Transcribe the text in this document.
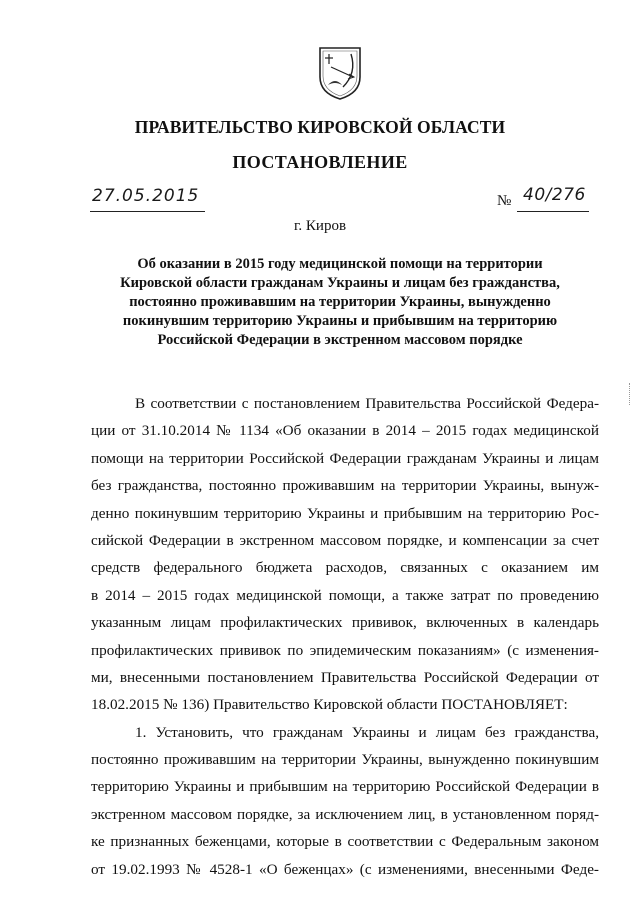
ПРАВИТЕЛЬСТВО КИРОВСКОЙ ОБЛАСТИ
ПОСТАНОВЛЕНИЕ
27.05.2015	№ 40/276
г. Киров
Об оказании в 2015 году медицинской помощи на территории
Кировской области гражданам Украины и лицам без гражданства,
постоянно проживавшим на территории Украины, вынужденно
покинувшим территорию Украины и прибывшим на территорию
Российской Федерации в экстренном массовом порядке
В соответствии с постановлением Правительства Российской Федера-
ции от 31.10.2014 № 1134 «Об оказании в 2014 – 2015 годах медицинской
помощи на территории Российской Федерации гражданам Украины и лицам
без гражданства, постоянно проживавшим на территории Украины, вынуж-
денно покинувшим территорию Украины и прибывшим на территорию Рос-
сийской Федерации в экстренном массовом порядке, и компенсации за счет
средств федерального бюджета расходов, связанных с оказанием им
в 2014 – 2015 годах медицинской помощи, а также затрат по проведению
указанным лицам профилактических прививок, включенных в календарь
профилактических прививок по эпидемическим показаниям» (с изменения-
ми, внесенными постановлением Правительства Российской Федерации от
18.02.2015 № 136) Правительство Кировской области ПОСТАНОВЛЯЕТ:
1. Установить, что гражданам Украины и лицам без гражданства,
постоянно проживавшим на территории Украины, вынужденно покинувшим
территорию Украины и прибывшим на территорию Российской Федерации в
экстренном массовом порядке, за исключением лиц, в установленном поряд-
ке признанных беженцами, которые в соответствии с Федеральным законом
от 19.02.1993 № 4528-1 «О беженцах» (с изменениями, внесенными Феде-
